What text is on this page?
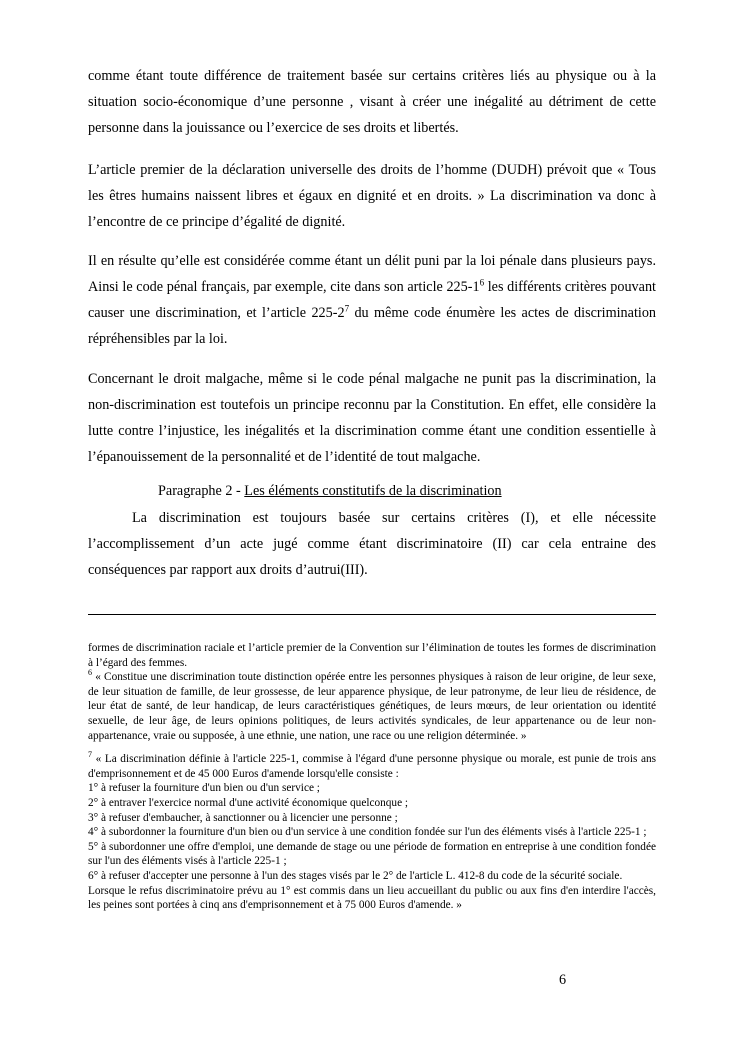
comme étant toute différence de traitement basée sur certains critères liés au physique ou à la situation socio-économique d’une personne , visant à créer une inégalité au détriment de cette personne dans la jouissance ou l’exercice de ses droits et libertés.

L’article premier de la déclaration universelle des droits de l’homme (DUDH) prévoit que « Tous les êtres humains naissent libres et égaux en dignité et en droits. » La discrimination va donc à l’encontre de ce principe d’égalité de dignité.

Il en résulte qu’elle est considérée comme étant un délit puni par la loi pénale dans plusieurs pays. Ainsi le code pénal français, par exemple, cite dans son article $225-1^6$ les différents critères pouvant causer une discrimination, et l’article $225-2^7$ du même code énumère les actes de discrimination répréhensibles par la loi.

Concernant le droit malgache, même si le code pénal malgache ne punit pas la discrimination, la non-discrimination est toutefois un principe reconnu par la Constitution. En effet, elle considère la lutte contre l’injustice, les inégalités et la discrimination comme étant une condition essentielle à l’épanouissement de la personnalité et de l’identité de tout malgache.

Paragraphe 2 - Les éléments constitutifs de la discrimination

La discrimination est toujours basée sur certains critères (I), et elle nécessite l’accomplissement d’un acte jugé comme étant discriminatoire (II) car cela entraine des conséquences par rapport aux droits d’autrui(III).

formes de discrimination raciale et l’article premier de la Convention sur l’élimination de toutes les formes de discrimination à l’égard des femmes.

$^6$ « Constitue une discrimination toute distinction opérée entre les personnes physiques à raison de leur origine, de leur sexe, de leur situation de famille, de leur grossesse, de leur apparence physique, de leur patronyme, de leur lieu de résidence, de leur état de santé, de leur handicap, de leurs caractéristiques génétiques, de leurs mœurs, de leur orientation ou identité sexuelle, de leur âge, de leurs opinions politiques, de leurs activités syndicales, de leur appartenance ou de leur non-appartenance, vraie ou supposée, à une ethnie, une nation, une race ou une religion déterminée. »

$^7$ « La discrimination définie à l'article 225-1, commise à l'égard d'une personne physique ou morale, est punie de trois ans d'emprisonnement et de 45 000 Euros d'amende lorsqu'elle consiste :

1° à refuser la fourniture d'un bien ou d'un service ;

2° à entraver l'exercice normal d'une activité économique quelconque ;

3° à refuser d'embaucher, à sanctionner ou à licencier une personne ;

4° à subordonner la fourniture d'un bien ou d'un service à une condition fondée sur l'un des éléments visés à l'article 225-1 ;

5° à subordonner une offre d'emploi, une demande de stage ou une période de formation en entreprise à une condition fondée sur l'un des éléments visés à l'article 225-1 ;

6° à refuser d'accepter une personne à l'un des stages visés par le 2° de l'article L. 412-8 du code de la sécurité sociale.

Lorsque le refus discriminatoire prévu au 1° est commis dans un lieu accueillant du public ou aux fins d'en interdire l'accès, les peines sont portées à cinq ans d'emprisonnement et à 75 000 Euros d'amende. »

6
